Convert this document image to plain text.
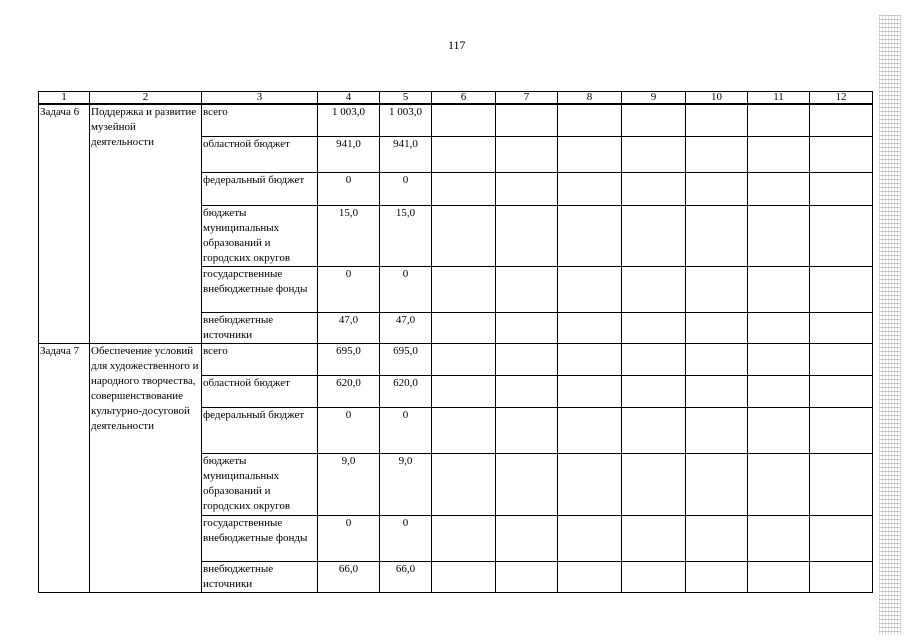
117
1	2	3	4	5	6	7	8	9	10	11	12
Задача 6	Поддержка и развитие музейной деятельности	всего	1 003,0	1 003,0							
		областной бюджет	941,0	941,0							
		федеральный бюджет	0	0							
		бюджеты муниципальных образований и городских округов	15,0	15,0							
		государственные внебюджетные фонды	0	0							
		внебюджетные источники	47,0	47,0							
Задача 7	Обеспечение условий для художественного и народного творчества, совершенствование культурно-досуговой деятельности	всего	695,0	695,0							
		областной бюджет	620,0	620,0							
		федеральный бюджет	0	0							
		бюджеты муниципальных образований и городских округов	9,0	9,0							
		государственные внебюджетные фонды	0	0							
		внебюджетные источники	66,0	66,0							
